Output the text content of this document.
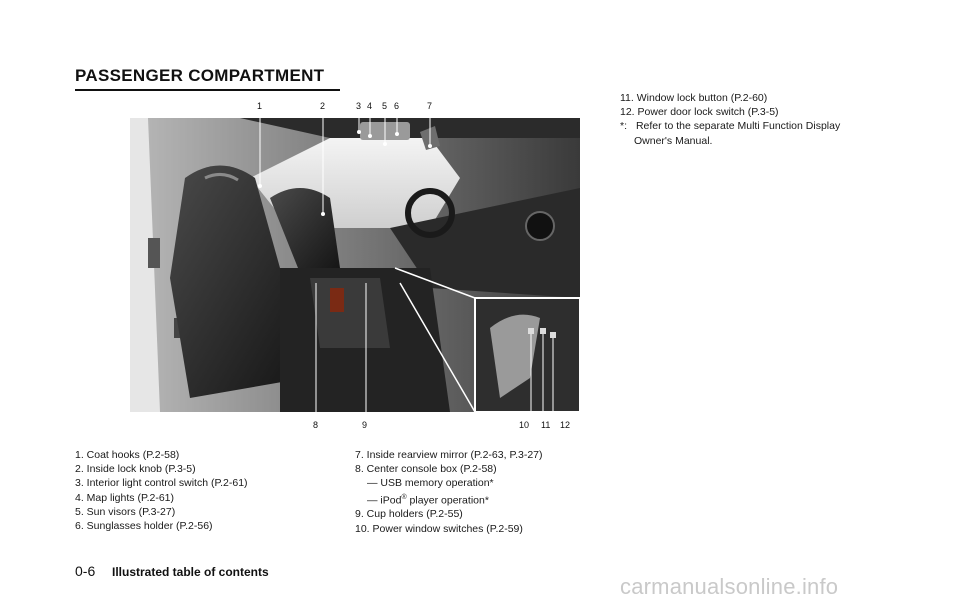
PASSENGER COMPARTMENT
1	2	3 4 5 6	7
8	9	10 11 12
1. Coat hooks (P.2-58)
2. Inside lock knob (P.3-5)
3. Interior light control switch (P.2-61)
4. Map lights (P.2-61)
5. Sun visors (P.3-27)
6. Sunglasses holder (P.2-56)
7. Inside rearview mirror (P.2-63, P.3-27)
8. Center console box (P.2-58)
— USB memory operation*
— iPod® player operation*
9. Cup holders (P.2-55)
10. Power window switches (P.2-59)
11. Window lock button (P.2-60)
12. Power door lock switch (P.3-5)
*: Refer to the separate Multi Function Display
Owner's Manual.
0-6 Illustrated table of contents
carmanualsonline.info
